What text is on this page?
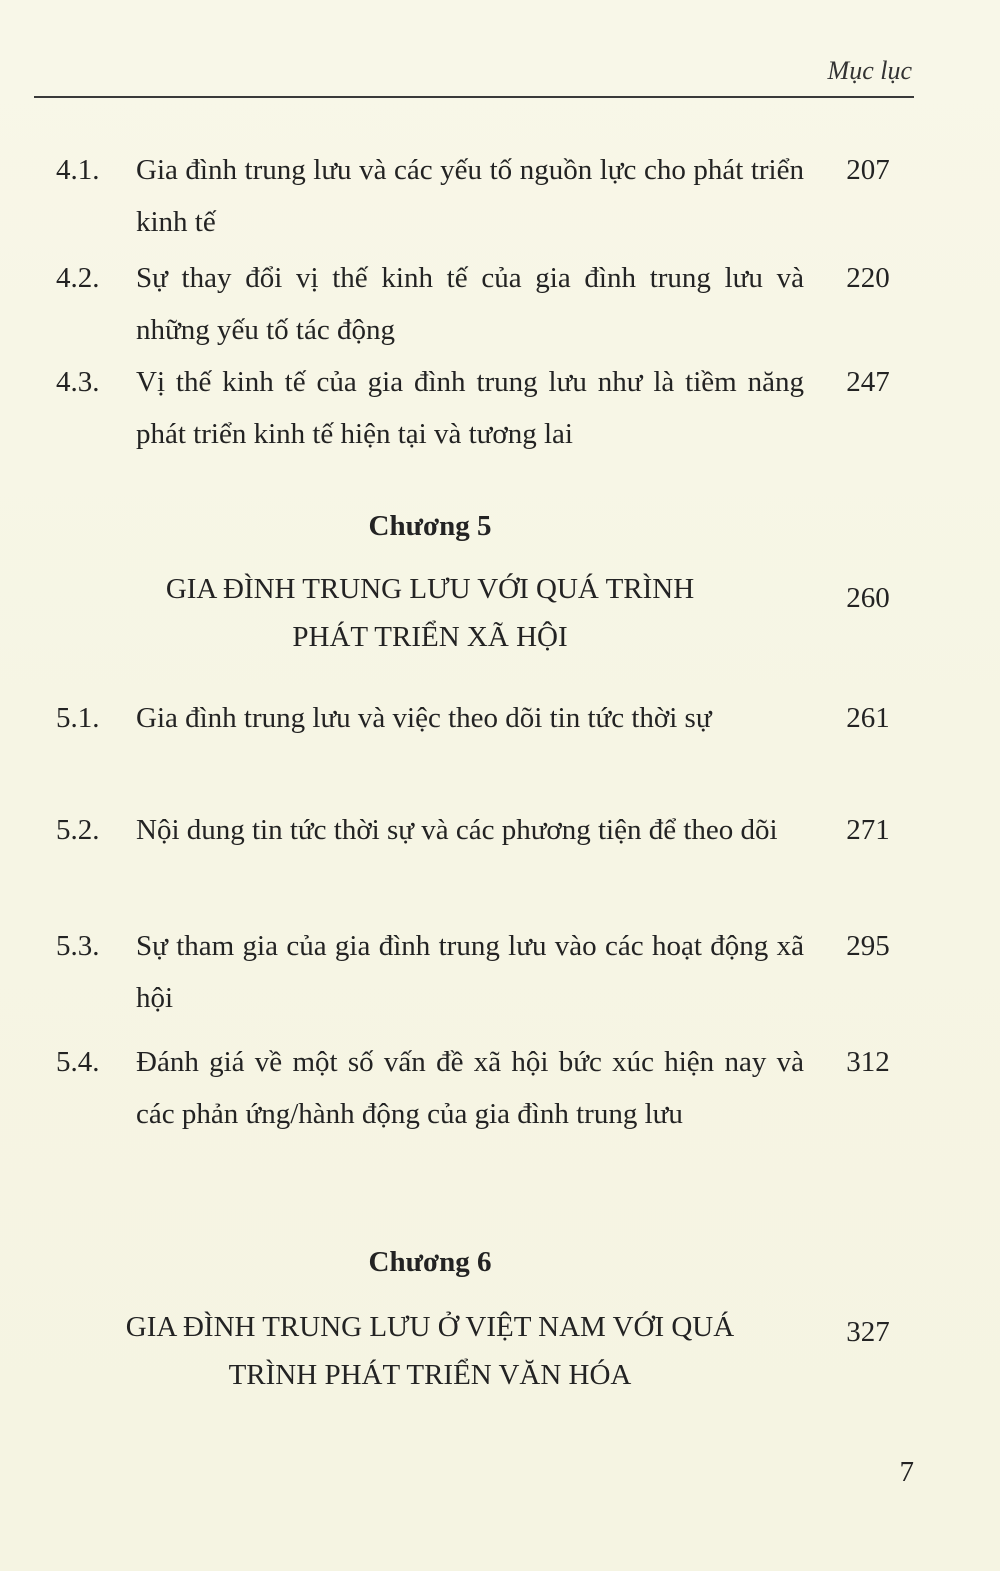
Mục lục
4.1. Gia đình trung lưu và các yếu tố nguồn lực cho phát triển kinh tế
207
4.2. Sự thay đổi vị thế kinh tế của gia đình trung lưu và những yếu tố tác động
220
4.3. Vị thế kinh tế của gia đình trung lưu như là tiềm năng phát triển kinh tế hiện tại và tương lai
247
Chương 5
GIA ĐÌNH TRUNG LƯU VỚI QUÁ TRÌNH
PHÁT TRIỂN XÃ HỘI
260
5.1. Gia đình trung lưu và việc theo dõi tin tức thời sự	261
5.2. Nội dung tin tức thời sự và các phương tiện để theo dõi	271
5.3. Sự tham gia của gia đình trung lưu vào các hoạt động xã hội
295
5.4. Đánh giá về một số vấn đề xã hội bức xúc hiện nay và các phản ứng/hành động của gia đình trung lưu
312
Chương 6
GIA ĐÌNH TRUNG LƯU Ở VIỆT NAM VỚI QUÁ
TRÌNH PHÁT TRIỂN VĂN HÓA
327
7
